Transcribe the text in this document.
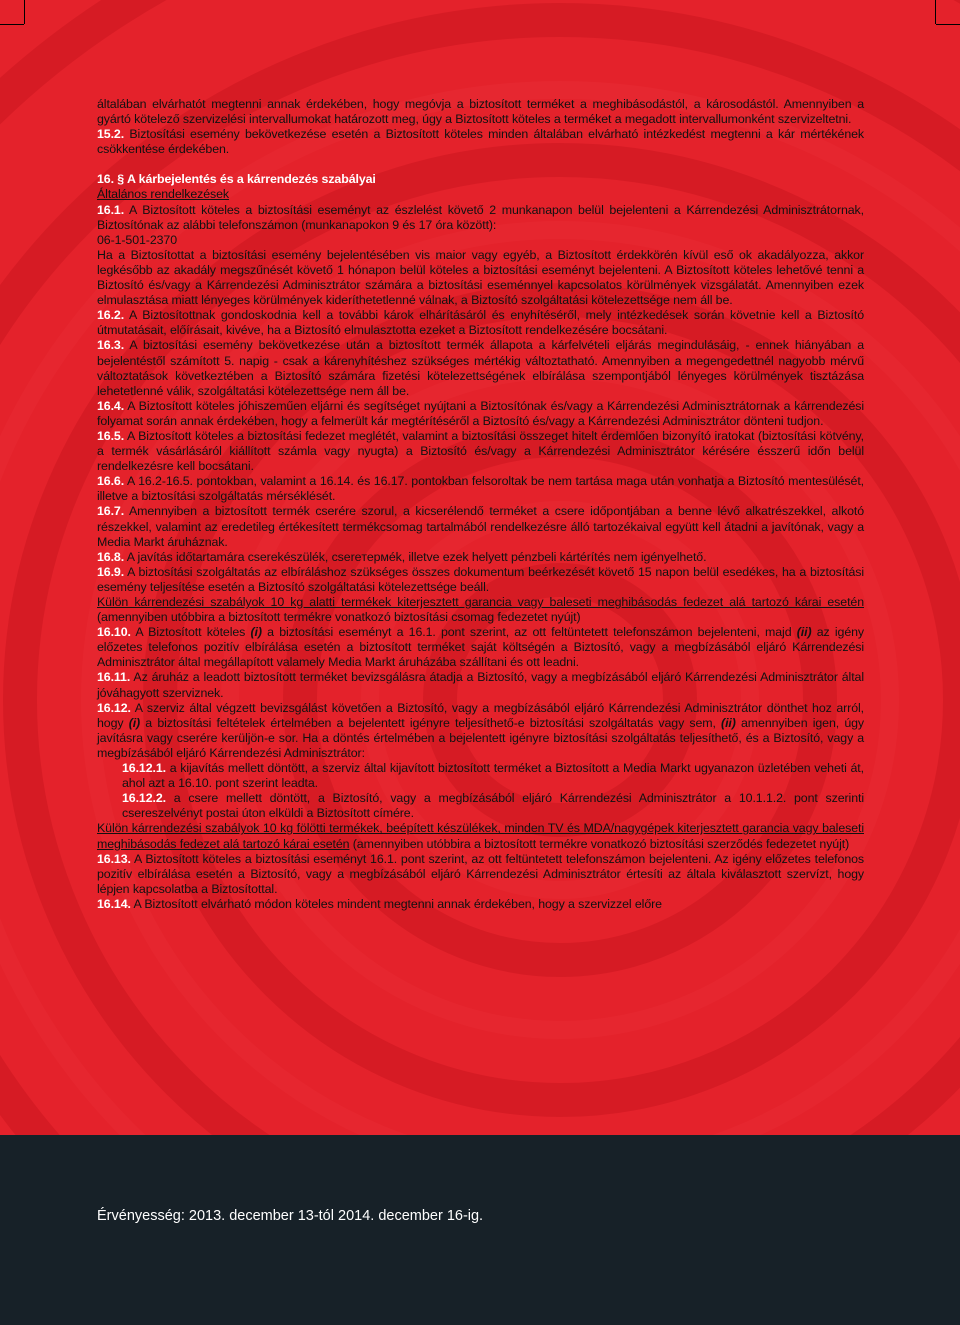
általában elvárhatót megtenni annak érdekében, hogy megóvja a biztosított terméket a meghibásodástól, a károsodástól. Amennyiben a gyártó kötelező szervizelési intervallumokat határozott meg, úgy a Biztosított köteles a terméket a megadott intervallumonként szervizeltetni.

15.2. Biztosítási esemény bekövetkezése esetén a Biztosított köteles minden általában elvárható intézkedést megtenni a kár mértékének csökkentése érdekében.

16. § A kárbejelentés és a kárrendezés szabályai

Általános rendelkezések

16.1. A Biztosított köteles a biztosítási eseményt az észlelést követő 2 munkanapon belül bejelenteni a Kárrendezési Adminisztrátornak, Biztosítónak az alábbi telefonszámon (munkanapokon 9 és 17 óra között):

06-1-501-2370

Ha a Biztosítottat a biztosítási esemény bejelentésében vis maior vagy egyéb, a Biztosított érdekkörén kívül eső ok akadályozza, akkor legkésőbb az akadály megszűnését követő 1 hónapon belül köteles a biztosítási eseményt bejelenteni. A Biztosított köteles lehetővé tenni a Biztosító és/vagy a Kárrendezési Adminisztrátor számára a biztosítási eseménnyel kapcsolatos körülmények vizsgálatát. Amennyiben ezek elmulasztása miatt lényeges körülmények kideríthetetlenné válnak, a Biztosító szolgáltatási kötelezettsége nem áll be.

16.2. A Biztosítottnak gondoskodnia kell a további károk elhárításáról és enyhítéséről, mely intézkedések során követnie kell a Biztosító útmutatásait, előírásait, kivéve, ha a Biztosító elmulasztotta ezeket a Biztosított rendelkezésére bocsátani.

16.3. A biztosítási esemény bekövetkezése után a biztosított termék állapota a kárfelvételi eljárás megindulásáig, - ennek hiányában a bejelentéstől számított 5. napig - csak a kárenyhítéshez szükséges mértékig változtatható. Amennyiben a megengedettnél nagyobb mérvű változtatások következtében a Biztosító számára fizetési kötelezettségének elbírálása szempontjából lényeges körülmények tisztázása lehetetlenné válik, szolgáltatási kötelezettsége nem áll be.

16.4. A Biztosított köteles jóhiszeműen eljárni és segítséget nyújtani a Biztosítónak és/vagy a Kárrendezési Adminisztrátornak a kárrendezési folyamat során annak érdekében, hogy a felmerült kár megtérítéséről a Biztosító és/vagy a Kárrendezési Adminisztrátor dönteni tudjon.

16.5. A Biztosított köteles a biztosítási fedezet meglétét, valamint a biztosítási összeget hitelt érdemlően bizonyító iratokat (biztosítási kötvény, a termék vásárlásáról kiállított számla vagy nyugta) a Biztosító és/vagy a Kárrendezési Adminisztrátor kérésére ésszerű időn belül rendelkezésre kell bocsátani.

16.6. A 16.2-16.5. pontokban, valamint a 16.14. és 16.17. pontokban felsoroltak be nem tartása maga után vonhatja a Biztosító mentesülését, illetve a biztosítási szolgáltatás mérséklését.

16.7. Amennyiben a biztosított termék cserére szorul, a kicserélendő terméket a csere időpontjában a benne lévő alkatrészekkel, alkotó részekkel, valamint az eredetileg értékesített termékcsomag tartalmából rendelkezésre álló tartozékaival együtt kell átadni a javítónak, vagy a Media Markt áruháznak.

16.8. A javítás időtartamára cserekészülék, csereтермék, illetve ezek helyett pénzbeli kártérítés nem igényelhető.

16.9. A biztosítási szolgáltatás az elbíráláshoz szükséges összes dokumentum beérkezését követő 15 napon belül esedékes, ha a biztosítási esemény teljesítése esetén a Biztosító szolgáltatási kötelezettsége beáll.

Külön kárrendezési szabályok 10 kg alatti termékek kiterjesztett garancia vagy baleseti meghibásodás fedezet alá tartozó kárai esetén (amennyiben utóbbira a biztosított termékre vonatkozó biztosítási csomag fedezetet nyújt)

16.10. A Biztosított köteles (i) a biztosítási eseményt a 16.1. pont szerint, az ott feltüntetett telefonszámon bejelenteni, majd (ii) az igény előzetes telefonos pozitív elbírálása esetén a biztosított terméket saját költségén a Biztosító, vagy a megbízásából eljáró Kárrendezési Adminisztrátor által megállapított valamely Media Markt áruházába szállítani és ott leadni.

16.11. Az áruház a leadott biztosított terméket bevizsgálásra átadja a Biztosító, vagy a megbízásából eljáró Kárrendezési Adminisztrátor által jóváhagyott szerviznek.

16.12. A szerviz által végzett bevizsgálást követően a Biztosító, vagy a megbízásából eljáró Kárrendezési Adminisztrátor dönthet hoz arról, hogy (i) a biztosítási feltételek értelmében a bejelentett igényre teljesíthető-e biztosítási szolgáltatás vagy sem, (ii) amennyiben igen, úgy javításra vagy cserére kerüljön-e sor. Ha a döntés értelmében a bejelentett igényre biztosítási szolgáltatás teljesíthető, és a Biztosító, vagy a megbízásából eljáró Kárrendezési Adminisztrátor:

16.12.1. a kijavítás mellett döntött, a szerviz által kijavított biztosított terméket a Biztosított a Media Markt ugyanazon üzletében veheti át, ahol azt a 16.10. pont szerint leadta.

16.12.2. a csere mellett döntött, a Biztosító, vagy a megbízásából eljáró Kárrendezési Adminisztrátor a 10.1.1.2. pont szerinti csereszelvényt postai úton elküldi a Biztosított címére.

Külön kárrendezési szabályok 10 kg fölötti termékek, beépített készülékek, minden TV és MDA/nagygépek kiterjesztett garancia vagy baleseti meghibásodás fedezet alá tartozó kárai esetén (amennyiben utóbbira a biztosított termékre vonatkozó biztosítási szerződés fedezetet nyújt)

16.13. A Biztosított köteles a biztosítási eseményt 16.1. pont szerint, az ott feltüntetett telefonszámon bejelenteni. Az igény előzetes telefonos pozitív elbírálása esetén a Biztosító, vagy a megbízásából eljáró Kárrendezési Adminisztrátor értesíti az általa kiválasztott szervízt, hogy lépjen kapcsolatba a Biztosítottal.

16.14. A Biztosított elvárható módon köteles mindent megtenni annak érdekében, hogy a szervizzel előre

Érvényesség: 2013. december 13-tól 2014. december 16-ig.
